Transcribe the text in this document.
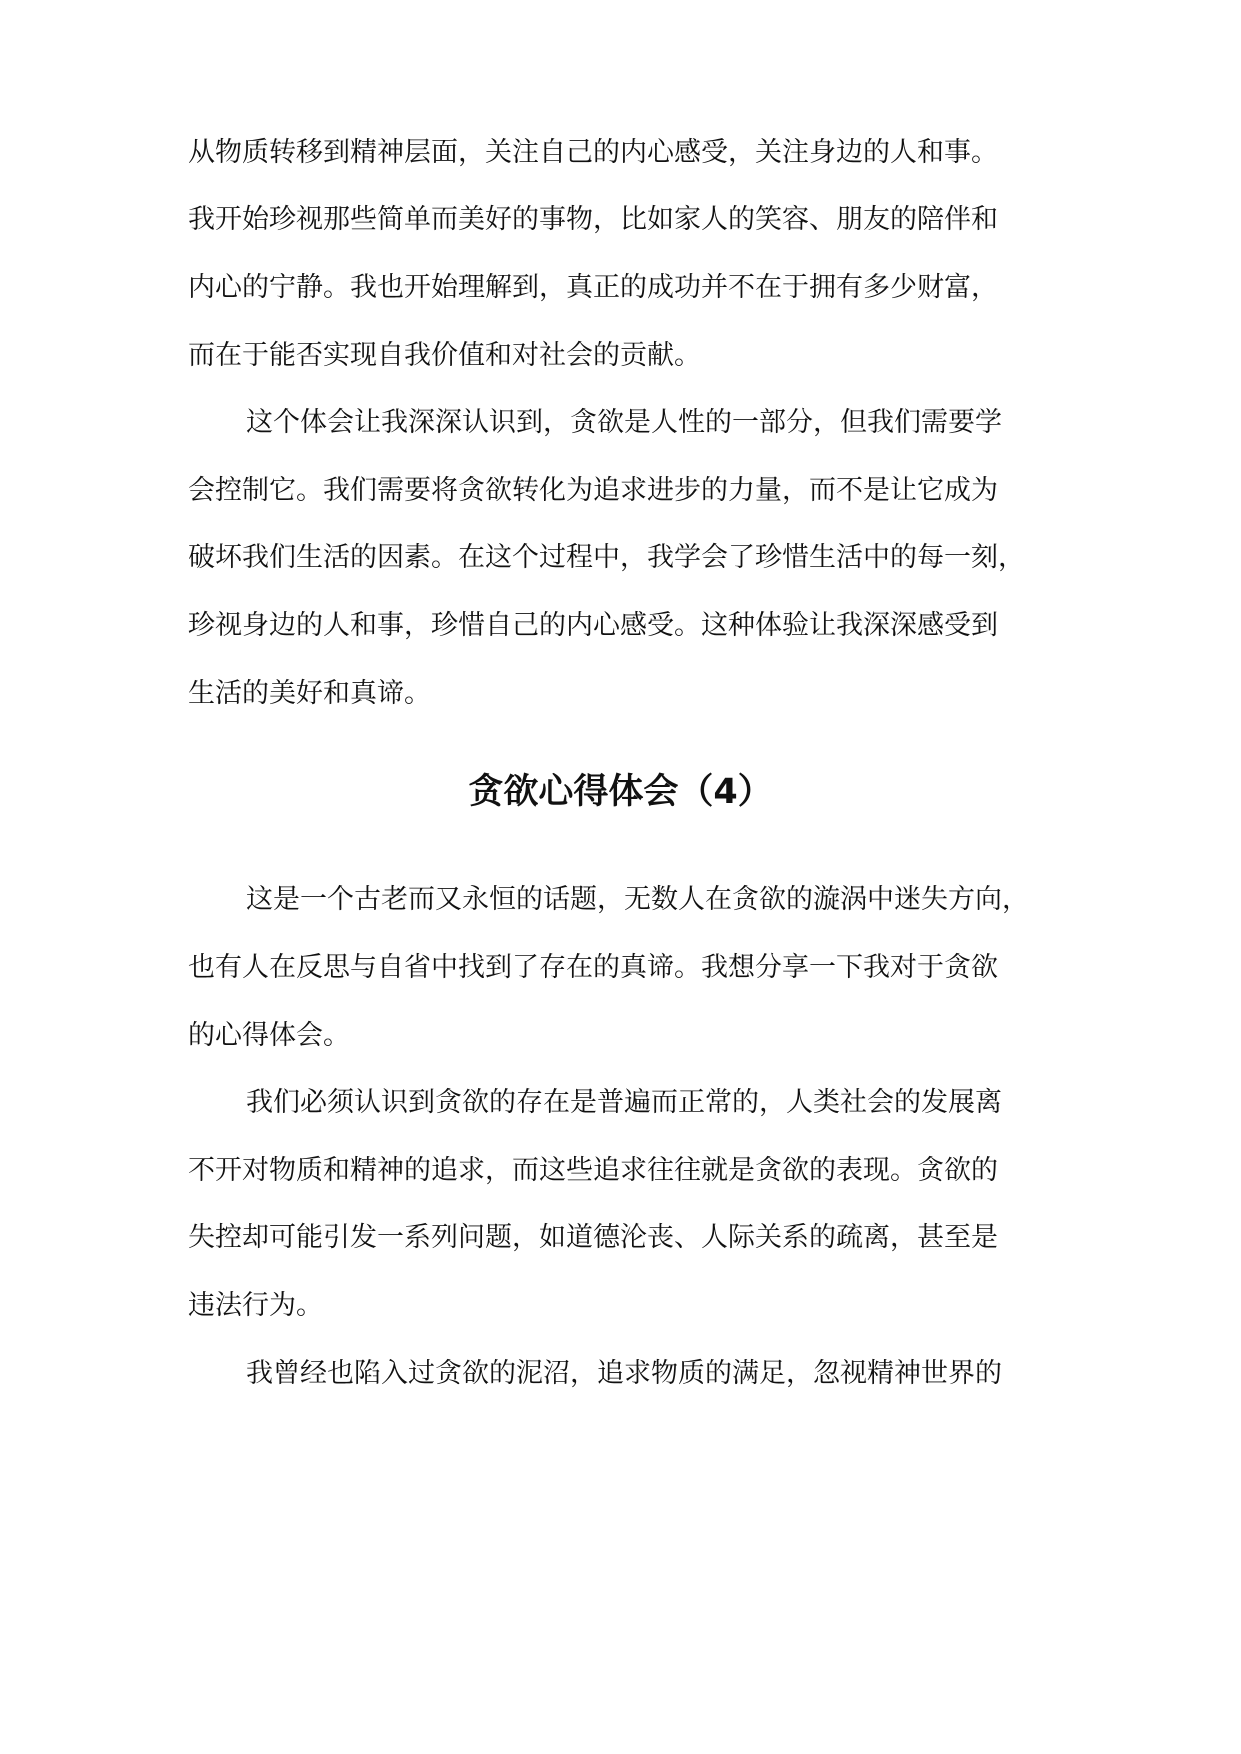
从物质转移到精神层面，关注自己的内心感受，关注身边的人和事。
我开始珍视那些简单而美好的事物，比如家人的笑容、朋友的陪伴和
内心的宁静。我也开始理解到，真正的成功并不在于拥有多少财富，
而在于能否实现自我价值和对社会的贡献。
这个体会让我深深认识到，贪欲是人性的一部分，但我们需要学
会控制它。我们需要将贪欲转化为追求进步的力量，而不是让它成为
破坏我们生活的因素。在这个过程中，我学会了珍惜生活中的每一刻，
珍视身边的人和事，珍惜自己的内心感受。这种体验让我深深感受到
生活的美好和真谛。
贪欲心得体会（4）
这是一个古老而又永恒的话题，无数人在贪欲的漩涡中迷失方向，
也有人在反思与自省中找到了存在的真谛。我想分享一下我对于贪欲
的心得体会。
我们必须认识到贪欲的存在是普遍而正常的，人类社会的发展离
不开对物质和精神的追求，而这些追求往往就是贪欲的表现。贪欲的
失控却可能引发一系列问题，如道德沦丧、人际关系的疏离，甚至是
违法行为。
我曾经也陷入过贪欲的泥沼，追求物质的满足，忽视精神世界的
